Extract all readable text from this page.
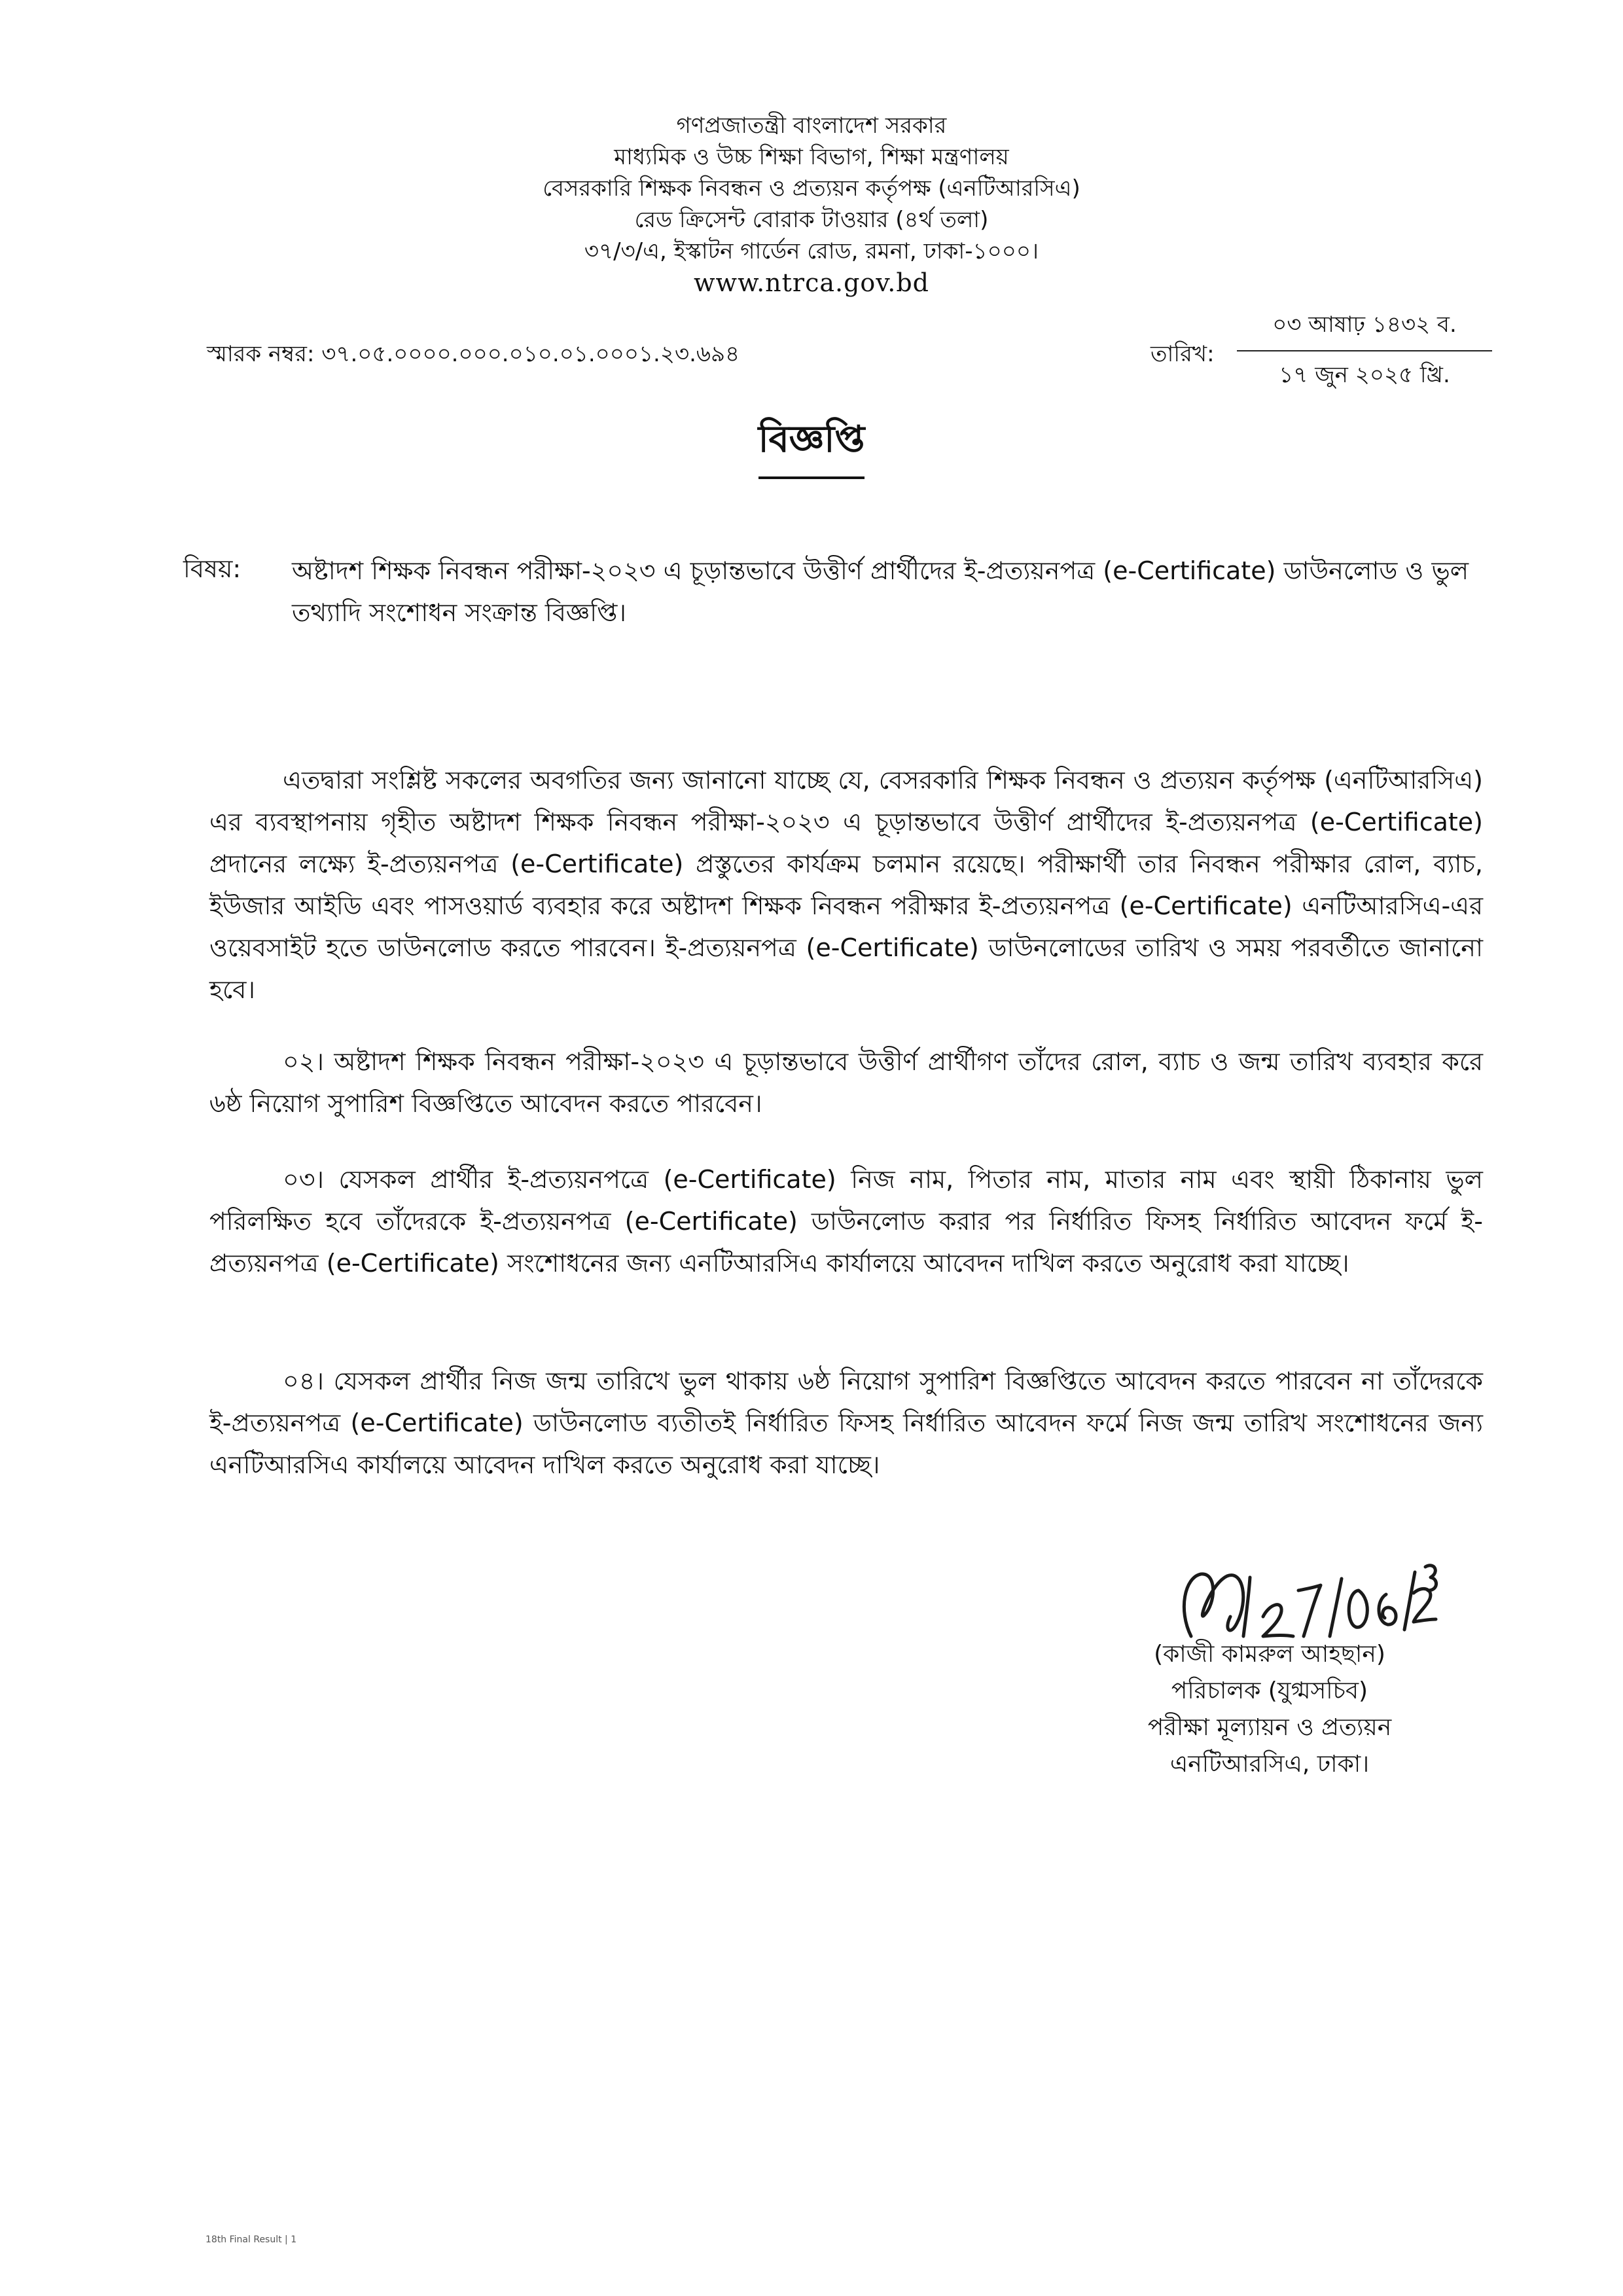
গণপ্রজাতন্ত্রী বাংলাদেশ সরকার
মাধ্যমিক ও উচ্চ শিক্ষা বিভাগ, শিক্ষা মন্ত্রণালয়
বেসরকারি শিক্ষক নিবন্ধন ও প্রত্যয়ন কর্তৃপক্ষ (এনটিআরসিএ)
রেড ক্রিসেন্ট বোরাক টাওয়ার (৪র্থ তলা)
৩৭/৩/এ, ইস্কাটন গার্ডেন রোড, রমনা, ঢাকা-১০০০।
www.ntrca.gov.bd
স্মারক নম্বর: ৩৭.০৫.০০০০.০০০.০১০.০১.০০০১.২৩.৬৯৪	তারিখ:
০৩ আষাঢ় ১৪৩২ ব.
১৭ জুন ২০২৫ খ্রি.
বিজ্ঞপ্তি
বিষয়: অষ্টাদশ শিক্ষক নিবন্ধন পরীক্ষা-২০২৩ এ চূড়ান্তভাবে উত্তীর্ণ প্রার্থীদের ই-প্রত্যয়নপত্র (e-Certificate) ডাউনলোড ও ভুল তথ্যাদি সংশোধন সংক্রান্ত বিজ্ঞপ্তি।
এতদ্বারা সংশ্লিষ্ট সকলের অবগতির জন্য জানানো যাচ্ছে যে, বেসরকারি শিক্ষক নিবন্ধন ও প্রত্যয়ন কর্তৃপক্ষ (এনটিআরসিএ) এর ব্যবস্থাপনায় গৃহীত অষ্টাদশ শিক্ষক নিবন্ধন পরীক্ষা-২০২৩ এ চূড়ান্তভাবে উত্তীর্ণ প্রার্থীদের ই-প্রত্যয়নপত্র (e-Certificate) প্রদানের লক্ষ্যে ই-প্রত্যয়নপত্র (e-Certificate) প্রস্তুতের কার্যক্রম চলমান রয়েছে। পরীক্ষার্থী তার নিবন্ধন পরীক্ষার রোল, ব্যাচ, ইউজার আইডি এবং পাসওয়ার্ড ব্যবহার করে অষ্টাদশ শিক্ষক নিবন্ধন পরীক্ষার ই-প্রত্যয়নপত্র (e-Certificate) এনটিআরসিএ-এর ওয়েবসাইট হতে ডাউনলোড করতে পারবেন। ই-প্রত্যয়নপত্র (e-Certificate) ডাউনলোডের তারিখ ও সময় পরবর্তীতে জানানো হবে।
০২। অষ্টাদশ শিক্ষক নিবন্ধন পরীক্ষা-২০২৩ এ চূড়ান্তভাবে উত্তীর্ণ প্রার্থীগণ তাঁদের রোল, ব্যাচ ও জন্ম তারিখ ব্যবহার করে ৬ষ্ঠ নিয়োগ সুপারিশ বিজ্ঞপ্তিতে আবেদন করতে পারবেন।
০৩। যেসকল প্রার্থীর ই-প্রত্যয়নপত্রে (e-Certificate) নিজ নাম, পিতার নাম, মাতার নাম এবং স্থায়ী ঠিকানায় ভুল পরিলক্ষিত হবে তাঁদেরকে ই-প্রত্যয়নপত্র (e-Certificate) ডাউনলোড করার পর নির্ধারিত ফিসহ নির্ধারিত আবেদন ফর্মে ই-প্রত্যয়নপত্র (e-Certificate) সংশোধনের জন্য এনটিআরসিএ কার্যালয়ে আবেদন দাখিল করতে অনুরোধ করা যাচ্ছে।
০৪। যেসকল প্রার্থীর নিজ জন্ম তারিখে ভুল থাকায় ৬ষ্ঠ নিয়োগ সুপারিশ বিজ্ঞপ্তিতে আবেদন করতে পারবেন না তাঁদেরকে ই-প্রত্যয়নপত্র (e-Certificate) ডাউনলোড ব্যতীতই নির্ধারিত ফিসহ নির্ধারিত আবেদন ফর্মে নিজ জন্ম তারিখ সংশোধনের জন্য এনটিআরসিএ কার্যালয়ে আবেদন দাখিল করতে অনুরোধ করা যাচ্ছে।
(কাজী কামরুল আহছান)
পরিচালক (যুগ্মসচিব)
পরীক্ষা মূল্যায়ন ও প্রত্যয়ন
এনটিআরসিএ, ঢাকা।
18th Final Result | 1
